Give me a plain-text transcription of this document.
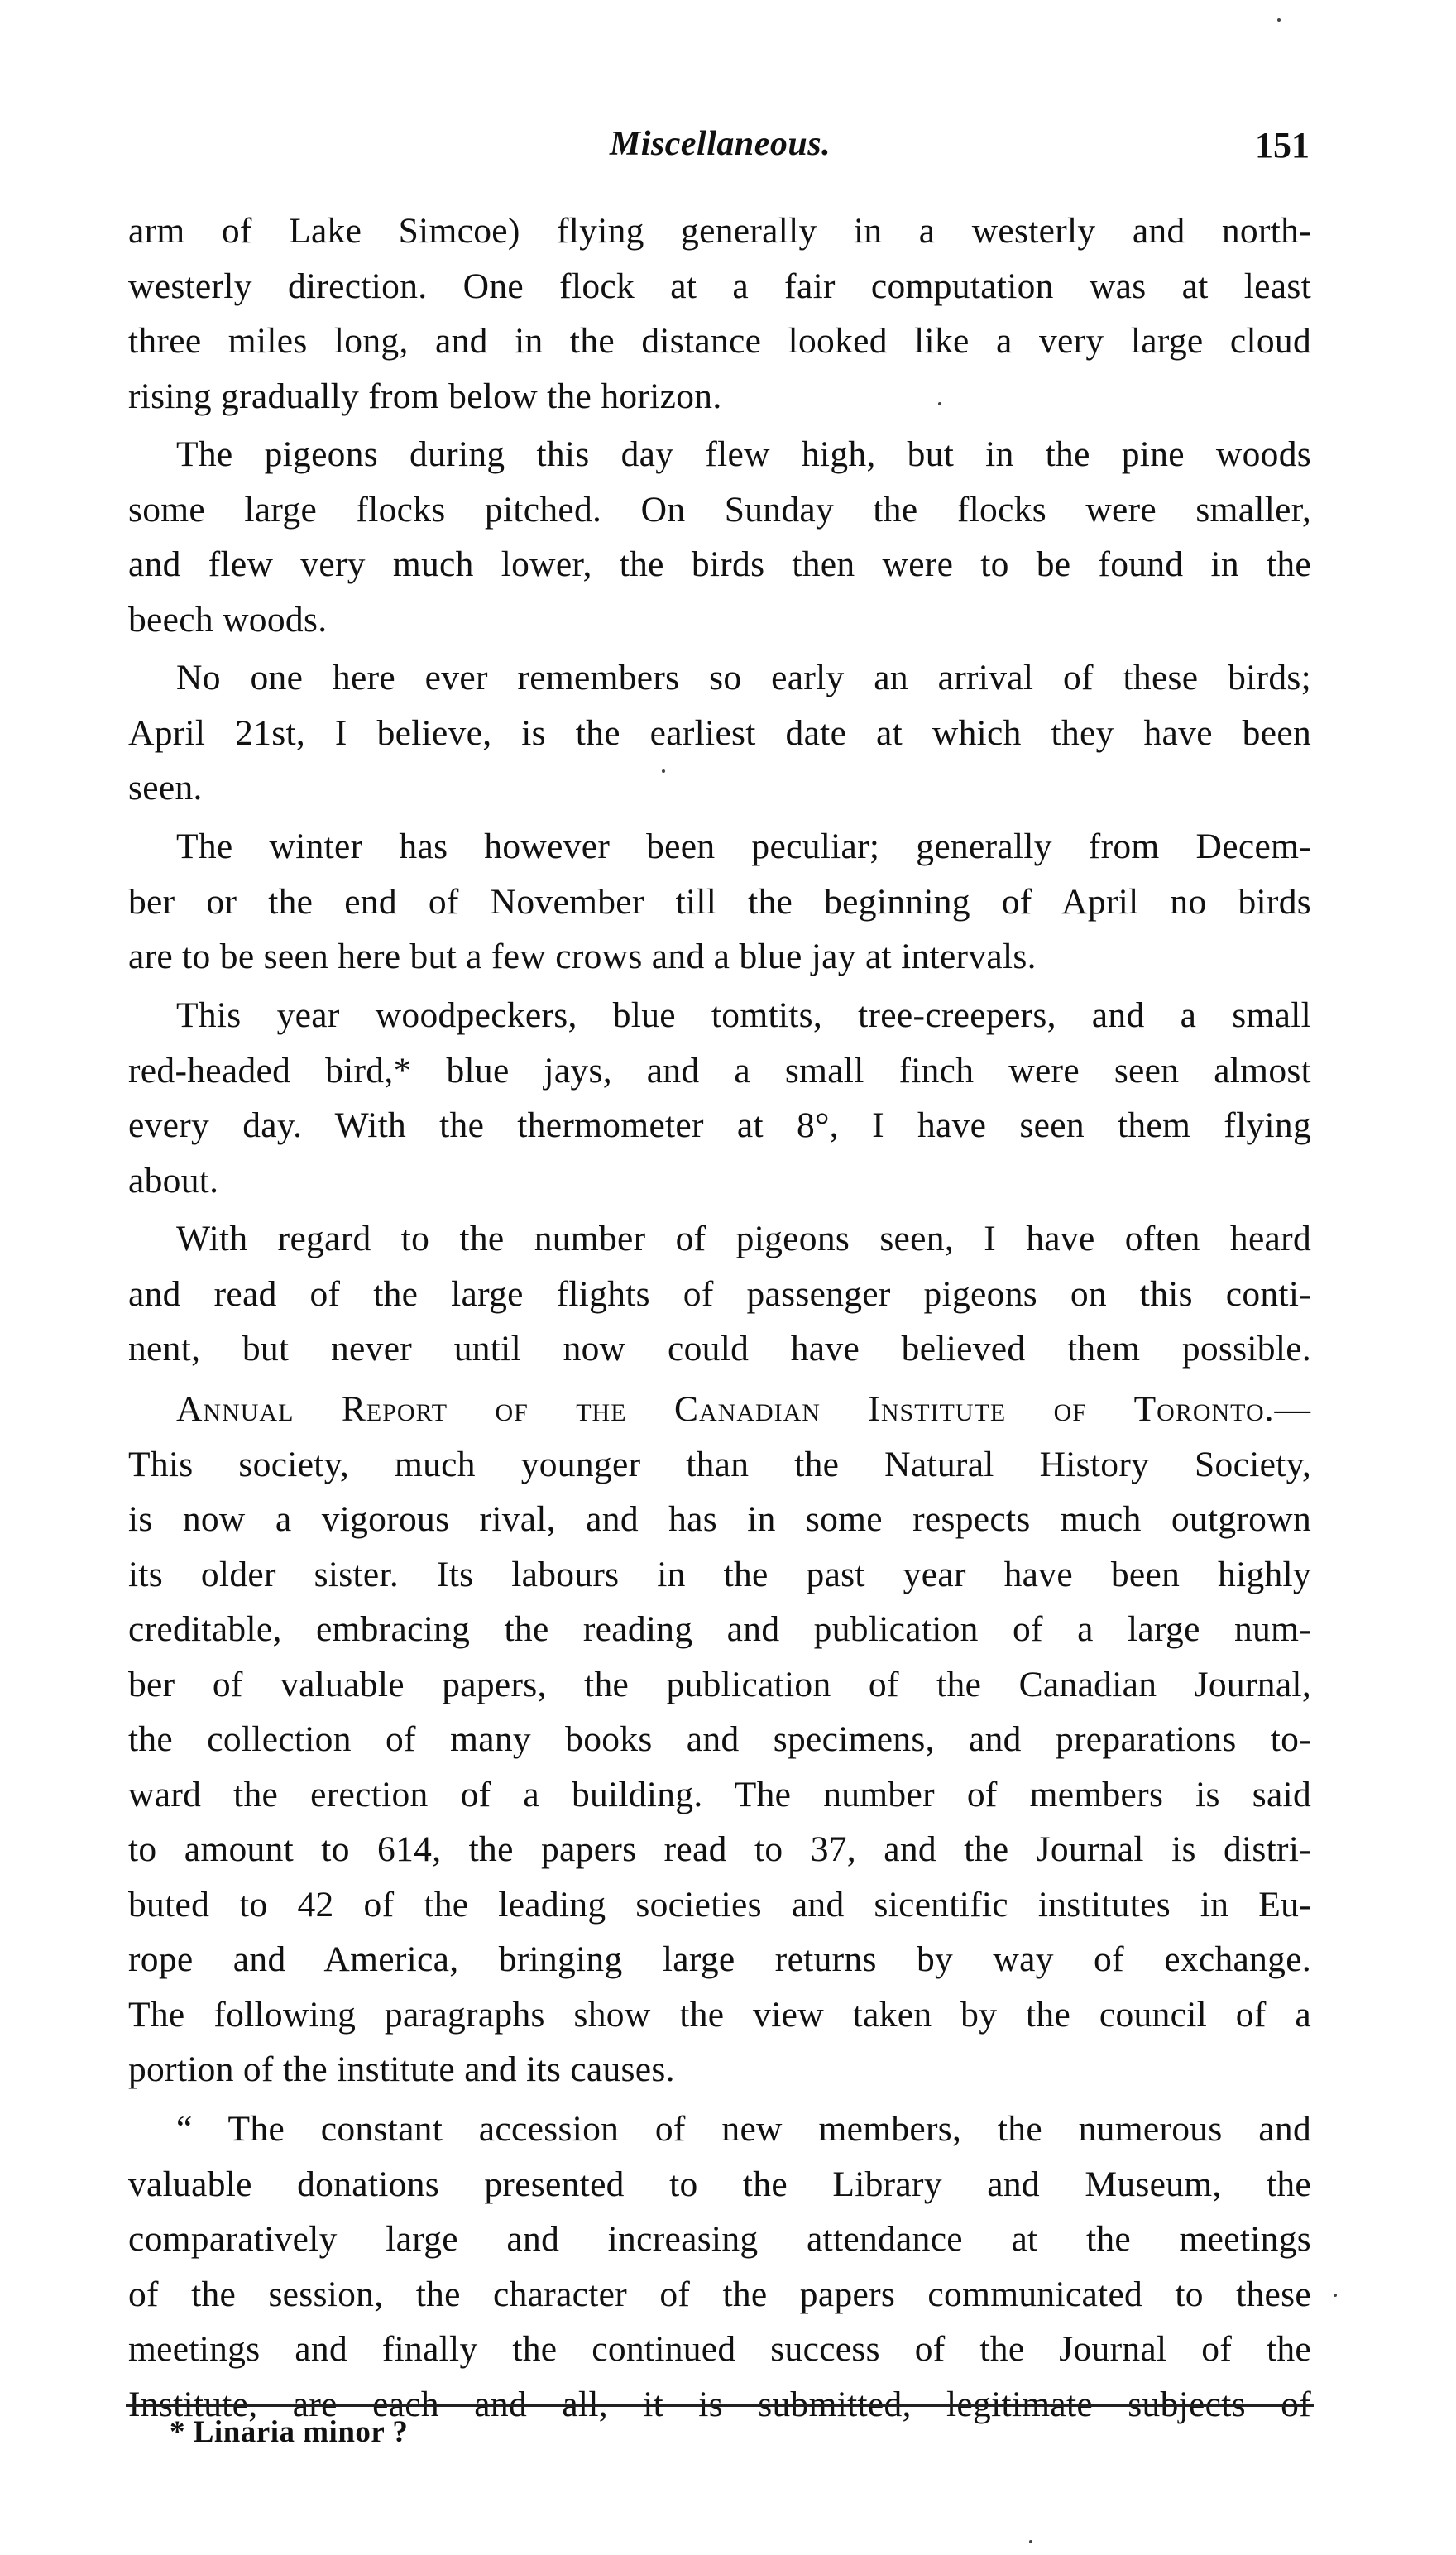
Miscellaneous.	151
arm of Lake Simcoe) flying generally in a westerly and north-
westerly direction. One flock at a fair computation was at least
three miles long, and in the distance looked like a very large cloud
rising gradually from below the horizon.
The pigeons during this day flew high, but in the pine woods
some large flocks pitched. On Sunday the flocks were smaller,
and flew very much lower, the birds then were to be found in the
beech woods.
No one here ever remembers so early an arrival of these birds;
April 21st, I believe, is the earliest date at which they have been
seen.
The winter has however been peculiar; generally from Decem-
ber or the end of November till the beginning of April no birds
are to be seen here but a few crows and a blue jay at intervals.
This year woodpeckers, blue tomtits, tree-creepers, and a small
red-headed bird,* blue jays, and a small finch were seen almost
every day. With the thermometer at 8°, I have seen them flying
about.
With regard to the number of pigeons seen, I have often heard
and read of the large flights of passenger pigeons on this conti-
nent, but never until now could have believed them possible.
Annual Report of the Canadian Institute of Toronto.—
This society, much younger than the Natural History Society,
is now a vigorous rival, and has in some respects much outgrown
its older sister. Its labours in the past year have been highly
creditable, embracing the reading and publication of a large num-
ber of valuable papers, the publication of the Canadian Journal,
the collection of many books and specimens, and preparations to-
ward the erection of a building. The number of members is said
to amount to 614, the papers read to 37, and the Journal is distri-
buted to 42 of the leading societies and sicentific institutes in Eu-
rope and America, bringing large returns by way of exchange.
The following paragraphs show the view taken by the council of a
portion of the institute and its causes.
“ The constant accession of new members, the numerous and
valuable donations presented to the Library and Museum, the
comparatively large and increasing attendance at the meetings
of the session, the character of the papers communicated to these
meetings and finally the continued success of the Journal of the
Institute, are each and all, it is submitted, legitimate subjects of
* Linaria minor ?
